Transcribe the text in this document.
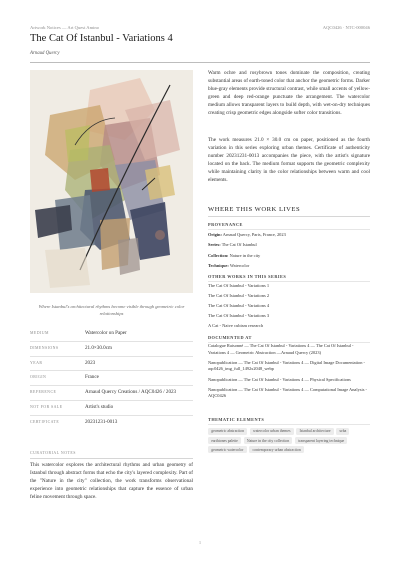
Artwork Notices — Art Quest Amino	AQC0426 · NTC-000046
The Cat Of Istanbul - Variations 4
Arnaud Quercy
Where Istanbul's architectural rhythms become visible through geometric color relationships
MEDIUM	Watercolor on Paper
DIMENSIONS	21.0×30.0cm
YEAR	2023
ORIGIN	France
REFERENCE	Arnaud Quercy Creations / AQC0426 / 2023
NOT FOR SALE	Artist's studio
CERTIFICATE	20231231-0013
CURATORIAL NOTES
This watercolor explores the architectural rhythms and urban geometry of Istanbul through abstract forms that echo the city's layered complexity. Part of the "Nature in the city" collection, the work transforms observational experience into geometric relationships that capture the essence of urban feline movement through space.
Warm ochre and rosybrown tones dominate the composition, creating substantial areas of earth-toned color that anchor the geometric forms. Darker blue-gray elements provide structural contrast, while small accents of yellow-green and deep red-orange punctuate the arrangement. The watercolor medium allows transparent layers to build depth, with wet-on-dry techniques creating crisp geometric edges alongside softer color transitions.
The work measures 21.0 × 30.0 cm on paper, positioned as the fourth variation in this series exploring urban themes. Certificate of authenticity number 20231231-0013 accompanies the piece, with the artist's signature located on the back. The medium format supports the geometric complexity while maintaining clarity in the color relationships between warm and cool elements.
WHERE THIS WORK LIVES
PROVENANCE
Origin: Arnaud Quercy, Paris, France, 2023
Series: The Cat Of Istanbul
Collection: Nature in the city
Technique: Watercolor
OTHER WORKS IN THIS SERIES
The Cat Of Istanbul - Variations 1
The Cat Of Istanbul - Variations 2
The Cat Of Istanbul - Variations 4
The Cat Of Istanbul - Variations 3
A Cat - Naive cubism research
DOCUMENTED AT
Catalogue Raisonné — The Cat Of Istanbul - Variations 4 — The Cat Of Istanbul - Variations 4 — Geometric Abstraction —Arnaud Quercy (2023)
Nanopublication — The Cat Of Istanbul - Variations 4 — Digital Image Documentation - aqc0426_img_full_1492x2048_webp
Nanopublication — The Cat Of Istanbul - Variations 4 — Physical Specifications
Nanopublication — The Cat Of Istanbul - Variations 4 — Computational Image Analysis - AQC0426
THEMATIC ELEMENTS
geometric abstraction	watercolor urban themes	Istanbul architecture	urba
earthtones palette	Nature in the city collection	transparent layering technique
geometric watercolor	contemporary urban abstraction
1
